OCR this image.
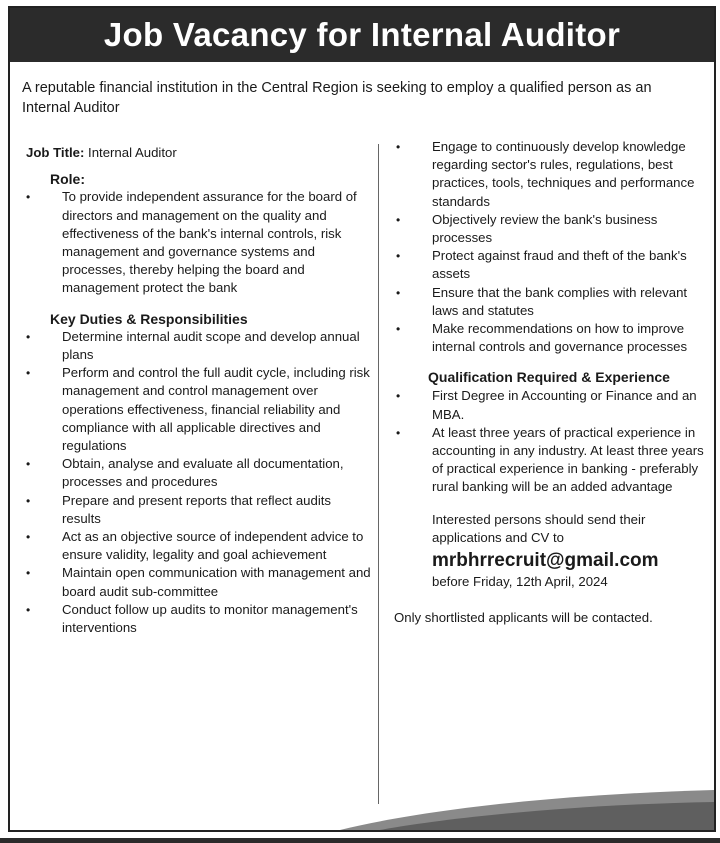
Job Vacancy for Internal Auditor
A reputable financial institution in the Central Region is seeking to employ a qualified person as an Internal Auditor
Job Title: Internal Auditor
Role:
• To provide independent assurance for the board of directors and management on the quality and effectiveness of the bank's internal controls, risk management and governance systems and processes, thereby helping the board and management protect the bank
Key Duties & Responsibilities
• Determine internal audit scope and develop annual plans
• Perform and control the full audit cycle, including risk management and control management over operations effectiveness, financial reliability and compliance with all applicable directives and regulations
• Obtain, analyse and evaluate all documentation, processes and procedures
• Prepare and present reports that reflect audits results
• Act as an objective source of independent advice to ensure validity, legality and goal achievement
• Maintain open communication with management and board audit sub-committee
• Conduct follow up audits to monitor management's interventions
• Engage to continuously develop knowledge regarding sector's rules, regulations, best practices, tools, techniques and performance standards
• Objectively review the bank's business processes
• Protect against fraud and theft of the bank's assets
• Ensure that the bank complies with relevant laws and statutes
• Make recommendations on how to improve internal controls and governance processes
Qualification Required & Experience
• First Degree in Accounting or Finance and an MBA.
• At least three years of practical experience in accounting in any industry. At least three years of practical experience in banking - preferably rural banking will be an added advantage
Interested persons should send their applications and CV to
mrbhrrecruit@gmail.com
before Friday, 12th April, 2024
Only shortlisted applicants will be contacted.
